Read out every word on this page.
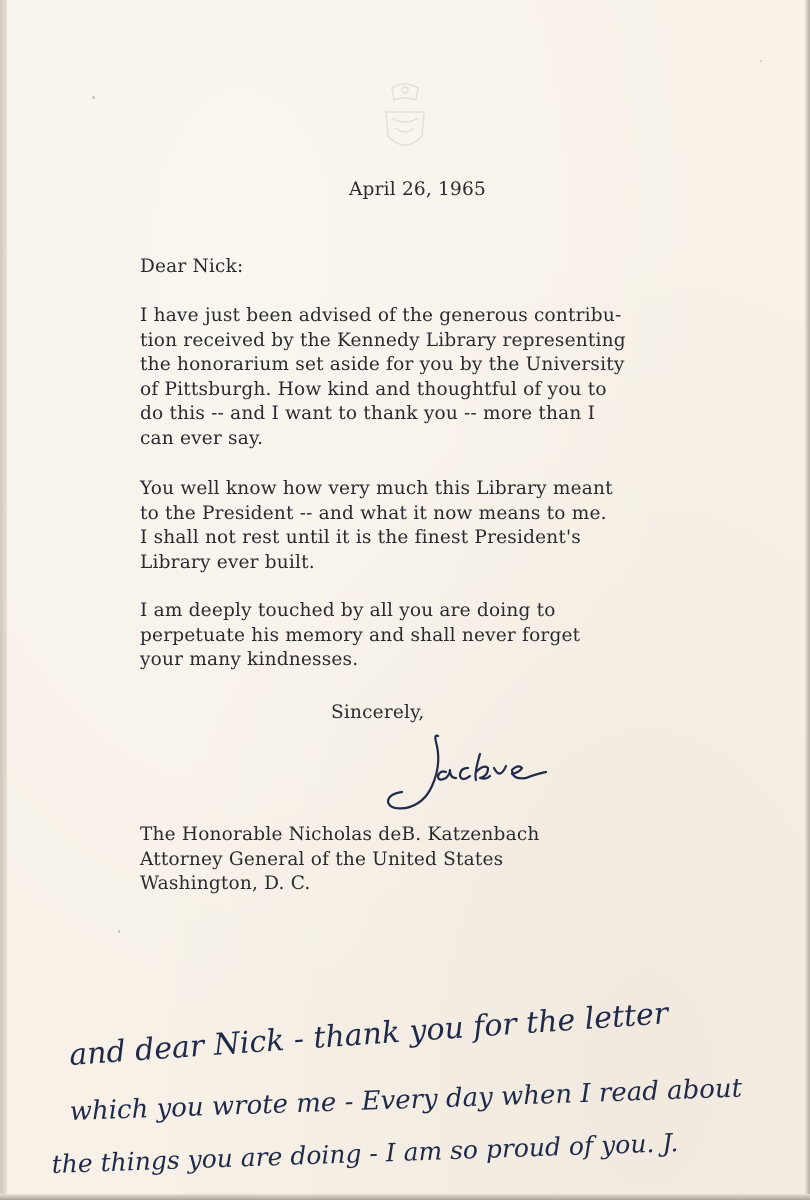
April 26, 1965
Dear Nick:
I have just been advised of the generous contribu-
tion received by the Kennedy Library representing
the honorarium set aside for you by the University
of Pittsburgh. How kind and thoughtful of you to
do this -- and I want to thank you -- more than I
can ever say.
You well know how very much this Library meant
to the President -- and what it now means to me.
I shall not rest until it is the finest President's
Library ever built.
I am deeply touched by all you are doing to
perpetuate his memory and shall never forget
your many kindnesses.
Sincerely,
The Honorable Nicholas deB. Katzenbach
Attorney General of the United States
Washington, D. C.
and dear Nick - thank you for the letter
which you wrote me - Every day when I read about
the things you are doing - I am so proud of you. J.
